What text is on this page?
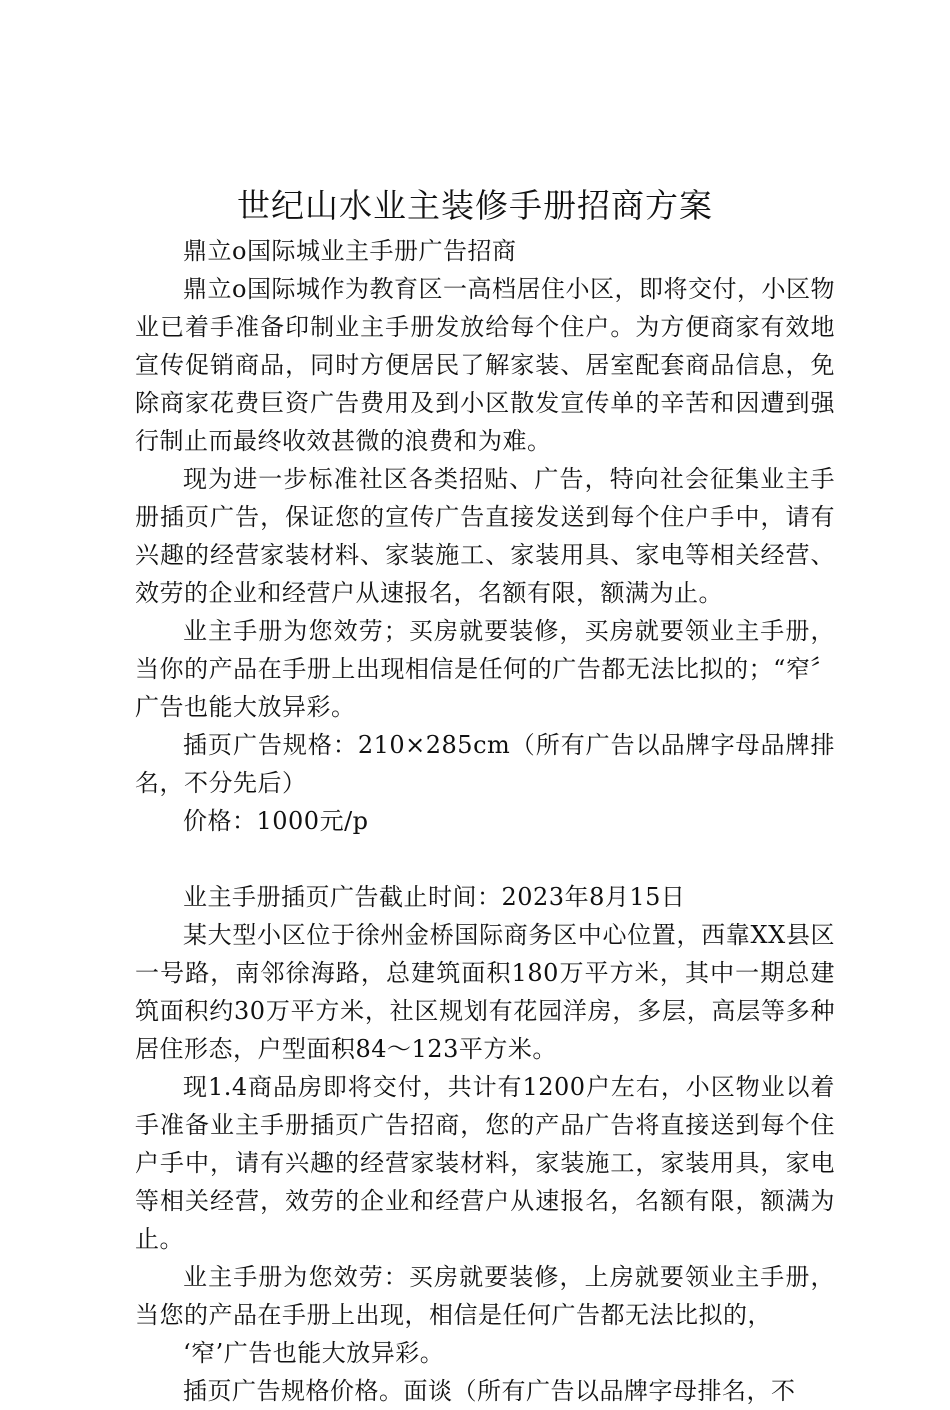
世纪山水业主装修手册招商方案

鼎立ο国际城业主手册广告招商

鼎立ο国际城作为教育区一高档居住小区，即将交付，小区物业已着手准备印制业主手册发放给每个住户。为方便商家有效地宣传促销商品，同时方便居民了解家装、居室配套商品信息，免除商家花费巨资广告费用及到小区散发宣传单的辛苦和因遭到强行制止而最终收效甚微的浪费和为难。

现为进一步标准社区各类招贴、广告，特向社会征集业主手册插页广告，保证您的宣传广告直接发送到每个住户手中，请有兴趣的经营家装材料、家装施工、家装用具、家电等相关经营、效劳的企业和经营户从速报名，名额有限，额满为止。

业主手册为您效劳；买房就要装修，买房就要领业主手册，当你的产品在手册上出现相信是任何的广告都无法比拟的；“窄〞广告也能大放异彩。

插页广告规格：210×285cm（所有广告以品牌字母品牌排名，不分先后）

价格：1000元/p

业主手册插页广告截止时间：2023年8月15日

某大型小区位于徐州金桥国际商务区中心位置，西靠XX县区一号路，南邻徐海路，总建筑面积180万平方米，其中一期总建筑面积约30万平方米，社区规划有花园洋房，多层，高层等多种居住形态，户型面积84～123平方米。

现1.4商品房即将交付，共计有1200户左右，小区物业以着手准备业主手册插页广告招商，您的产品广告将直接送到每个住户手中，请有兴趣的经营家装材料，家装施工，家装用具，家电等相关经营，效劳的企业和经营户从速报名，名额有限，额满为止。

业主手册为您效劳：买房就要装修，上房就要领业主手册，当您的产品在手册上出现，相信是任何广告都无法比拟的，

‘窄’广告也能大放异彩。

插页广告规格价格。面谈（所有广告以品牌字母排名，不
